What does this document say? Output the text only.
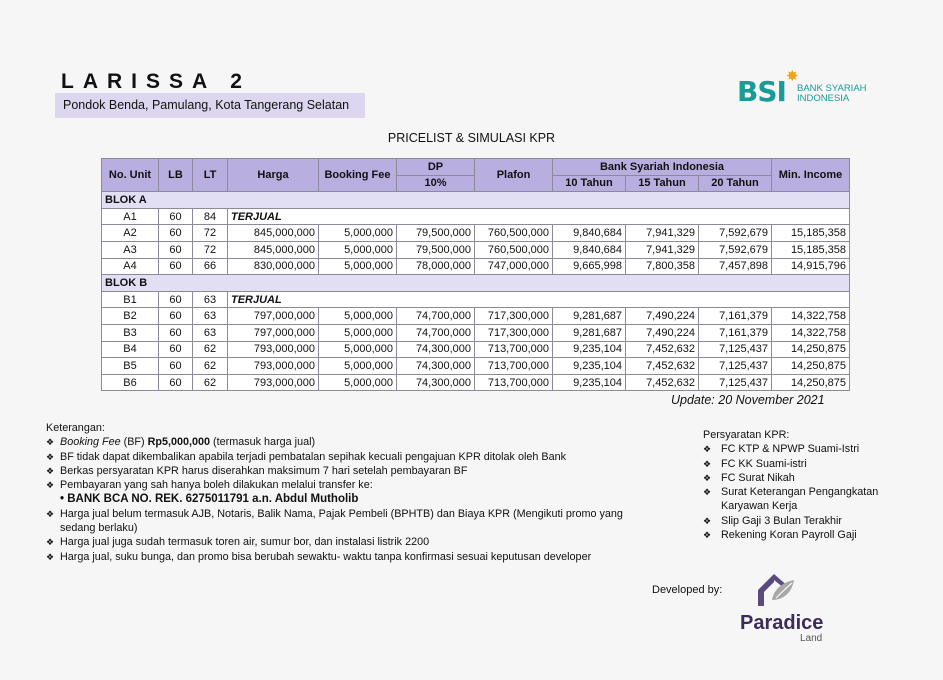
LARISSA 2
Pondok Benda, Pamulang, Kota Tangerang Selatan	BSI ✸
BANK SYARIAH
INDONESIA
PRICELIST & SIMULASI KPR
No. Unit	LB	LT	Harga	Booking Fee	DP	Plafon	Bank Syariah Indonesia			Min. Income
					10%		10 Tahun	15 Tahun	20 Tahun	
BLOK A										
A1	60	84	TERJUAL							
A2	60	72	845,000,000	5,000,000	79,500,000	760,500,000	9,840,684	7,941,329	7,592,679	15,185,358
A3	60	72	845,000,000	5,000,000	79,500,000	760,500,000	9,840,684	7,941,329	7,592,679	15,185,358
A4	60	66	830,000,000	5,000,000	78,000,000	747,000,000	9,665,998	7,800,358	7,457,898	14,915,796
BLOK B										
B1	60	63	TERJUAL							
B2	60	63	797,000,000	5,000,000	74,700,000	717,300,000	9,281,687	7,490,224	7,161,379	14,322,758
B3	60	63	797,000,000	5,000,000	74,700,000	717,300,000	9,281,687	7,490,224	7,161,379	14,322,758
B4	60	62	793,000,000	5,000,000	74,300,000	713,700,000	9,235,104	7,452,632	7,125,437	14,250,875
B5	60	62	793,000,000	5,000,000	74,300,000	713,700,000	9,235,104	7,452,632	7,125,437	14,250,875
B6	60	62	793,000,000	5,000,000	74,300,000	713,700,000	9,235,104	7,452,632	7,125,437	14,250,875
Update: 20 November 2021
Keterangan:
❖ Booking Fee (BF) Rp5,000,000 (termasuk harga jual)
❖ BF tidak dapat dikembalikan apabila terjadi pembatalan sepihak kecuali pengajuan KPR ditolak oleh Bank
❖ Berkas persyaratan KPR harus diserahkan maksimum 7 hari setelah pembayaran BF
❖ Pembayaran yang sah hanya boleh dilakukan melalui transfer ke:
• BANK BCA NO. REK. 6275011791 a.n. Abdul Mutholib
❖ Harga jual belum termasuk AJB, Notaris, Balik Nama, Pajak Pembeli (BPHTB) dan Biaya KPR (Mengikuti promo yang sedang berlaku)
❖ Harga jual juga sudah termasuk toren air, sumur bor, dan instalasi listrik 2200
❖ Harga jual, suku bunga, dan promo bisa berubah sewaktu- waktu tanpa konfirmasi sesuai keputusan developer
Persyaratan KPR:
❖ FC KTP & NPWP Suami-Istri
❖ FC KK Suami-istri
❖ FC Surat Nikah
❖ Surat Keterangan Pengangkatan Karyawan Kerja
❖ Slip Gaji 3 Bulan Terakhir
❖ Rekening Koran Payroll Gaji
Developed by:
Paradice
Land
